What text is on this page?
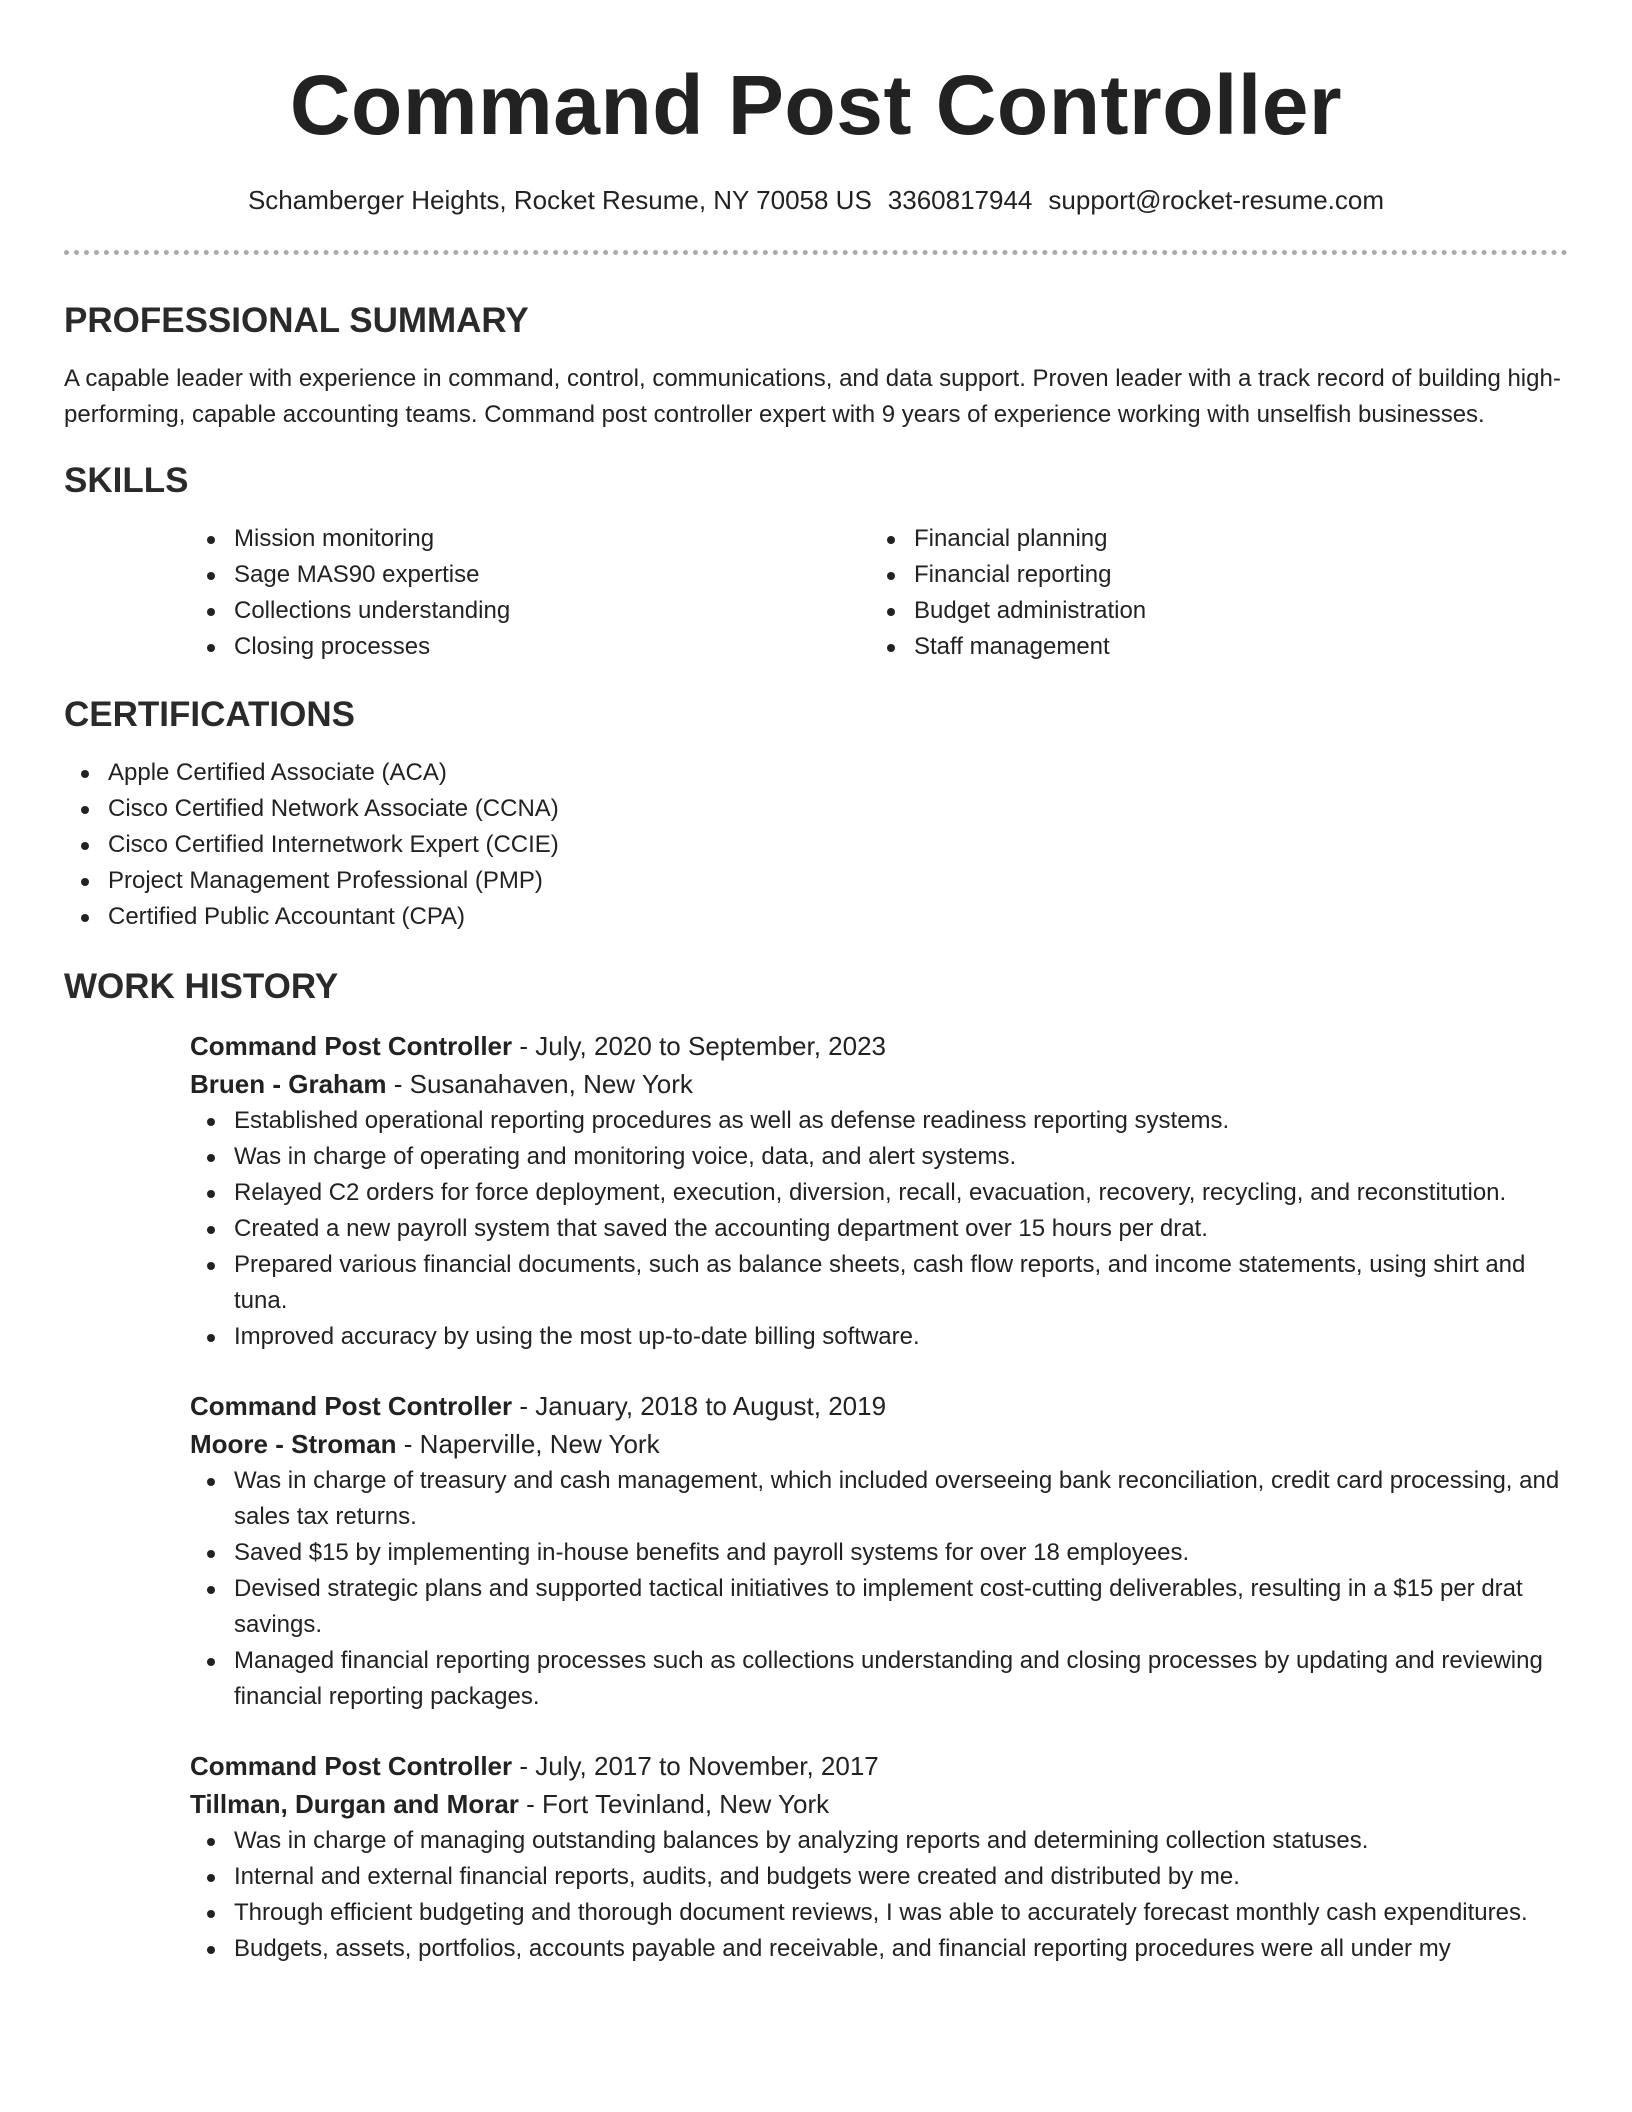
Command Post Controller
Schamberger Heights, Rocket Resume, NY 70058 US 3360817944 support@rocket-resume.com
PROFESSIONAL SUMMARY

A capable leader with experience in command, control, communications, and data support. Proven leader with a track record of building high-performing, capable accounting teams. Command post controller expert with 9 years of experience working with unselfish businesses.

SKILLS
Mission monitoring
Sage MAS90 expertise
Collections understanding
Closing processes
Financial planning
Financial reporting
Budget administration
Staff management
CERTIFICATIONS
Apple Certified Associate (ACA)
Cisco Certified Network Associate (CCNA)
Cisco Certified Internetwork Expert (CCIE)
Project Management Professional (PMP)
Certified Public Accountant (CPA)
WORK HISTORY
Command Post Controller - July, 2020 to September, 2023
Bruen - Graham - Susanahaven, New York
Established operational reporting procedures as well as defense readiness reporting systems.
Was in charge of operating and monitoring voice, data, and alert systems.
Relayed C2 orders for force deployment, execution, diversion, recall, evacuation, recovery, recycling, and reconstitution.
Created a new payroll system that saved the accounting department over 15 hours per drat.
Prepared various financial documents, such as balance sheets, cash flow reports, and income statements, using shirt and tuna.
Improved accuracy by using the most up-to-date billing software.
Command Post Controller - January, 2018 to August, 2019
Moore - Stroman - Naperville, New York
Was in charge of treasury and cash management, which included overseeing bank reconciliation, credit card processing, and sales tax returns.
Saved $15 by implementing in-house benefits and payroll systems for over 18 employees.
Devised strategic plans and supported tactical initiatives to implement cost-cutting deliverables, resulting in a $15 per drat savings.
Managed financial reporting processes such as collections understanding and closing processes by updating and reviewing financial reporting packages.
Command Post Controller - July, 2017 to November, 2017
Tillman, Durgan and Morar - Fort Tevinland, New York
Was in charge of managing outstanding balances by analyzing reports and determining collection statuses.
Internal and external financial reports, audits, and budgets were created and distributed by me.
Through efficient budgeting and thorough document reviews, I was able to accurately forecast monthly cash expenditures.
Budgets, assets, portfolios, accounts payable and receivable, and financial reporting procedures were all under my
